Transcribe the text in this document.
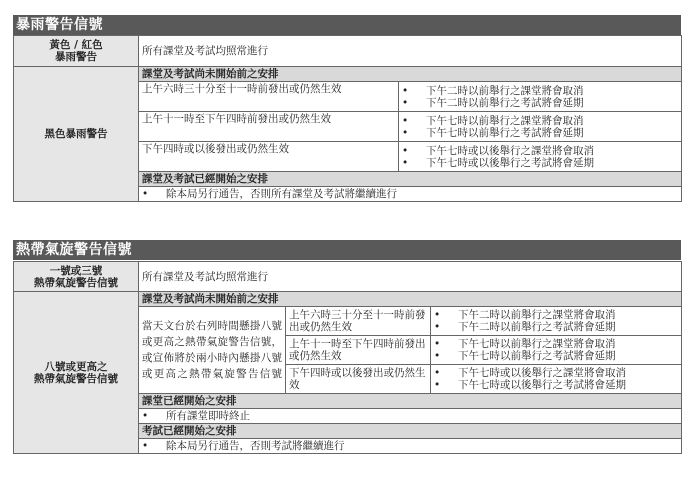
暴雨警告信號
黃色 / 紅色
暴雨警告	所有課堂及考試均照常進行	
黑色暴雨警告	課堂及考試尚未開始前之安排	
	上午六時三十分至十一時前發出或仍然生效	• 下午二時以前舉行之課堂將會取消
• 下午二時以前舉行之考試將會延期

	上午十一時至下午四時前發出或仍然生效	• 下午七時以前舉行之課堂將會取消
• 下午七時以前舉行之考試將會延期

	下午四時或以後發出或仍然生效	• 下午七時或以後舉行之課堂將會取消
• 下午七時或以後舉行之考試將會延期

	課堂及考試已經開始之安排	

	• 除本局另行通告，否則所有課堂及考試將繼續進行	
熱帶氣旋警告信號
一號或三號
熱帶氣旋警告信號	所有課堂及考試均照常進行		

八號或更高之
熱帶氣旋警告信號	課堂及考試尚未開始前之安排		
	當天文台於右列時間懸掛八號或更高之熱帶氣旋警告信號，或宣佈將於兩小時內懸掛八號或更高之熱帶氣旋警告信號	上午六時三十分至十一時前發出或仍然生效	• 下午二時以前舉行之課堂將會取消
• 下午二時以前舉行之考試將會延期

		上午十一時至下午四時前發出或仍然生效	• 下午七時以前舉行之課堂將會取消
• 下午七時以前舉行之考試將會延期

		下午四時或以後發出或仍然生效	• 下午七時或以後舉行之課堂將會取消
• 下午七時或以後舉行之考試將會延期

	課堂已經開始之安排		

	• 所有課堂即時終止		

	考試已經開始之安排		

	• 除本局另行通告，否則考試將繼續進行		
